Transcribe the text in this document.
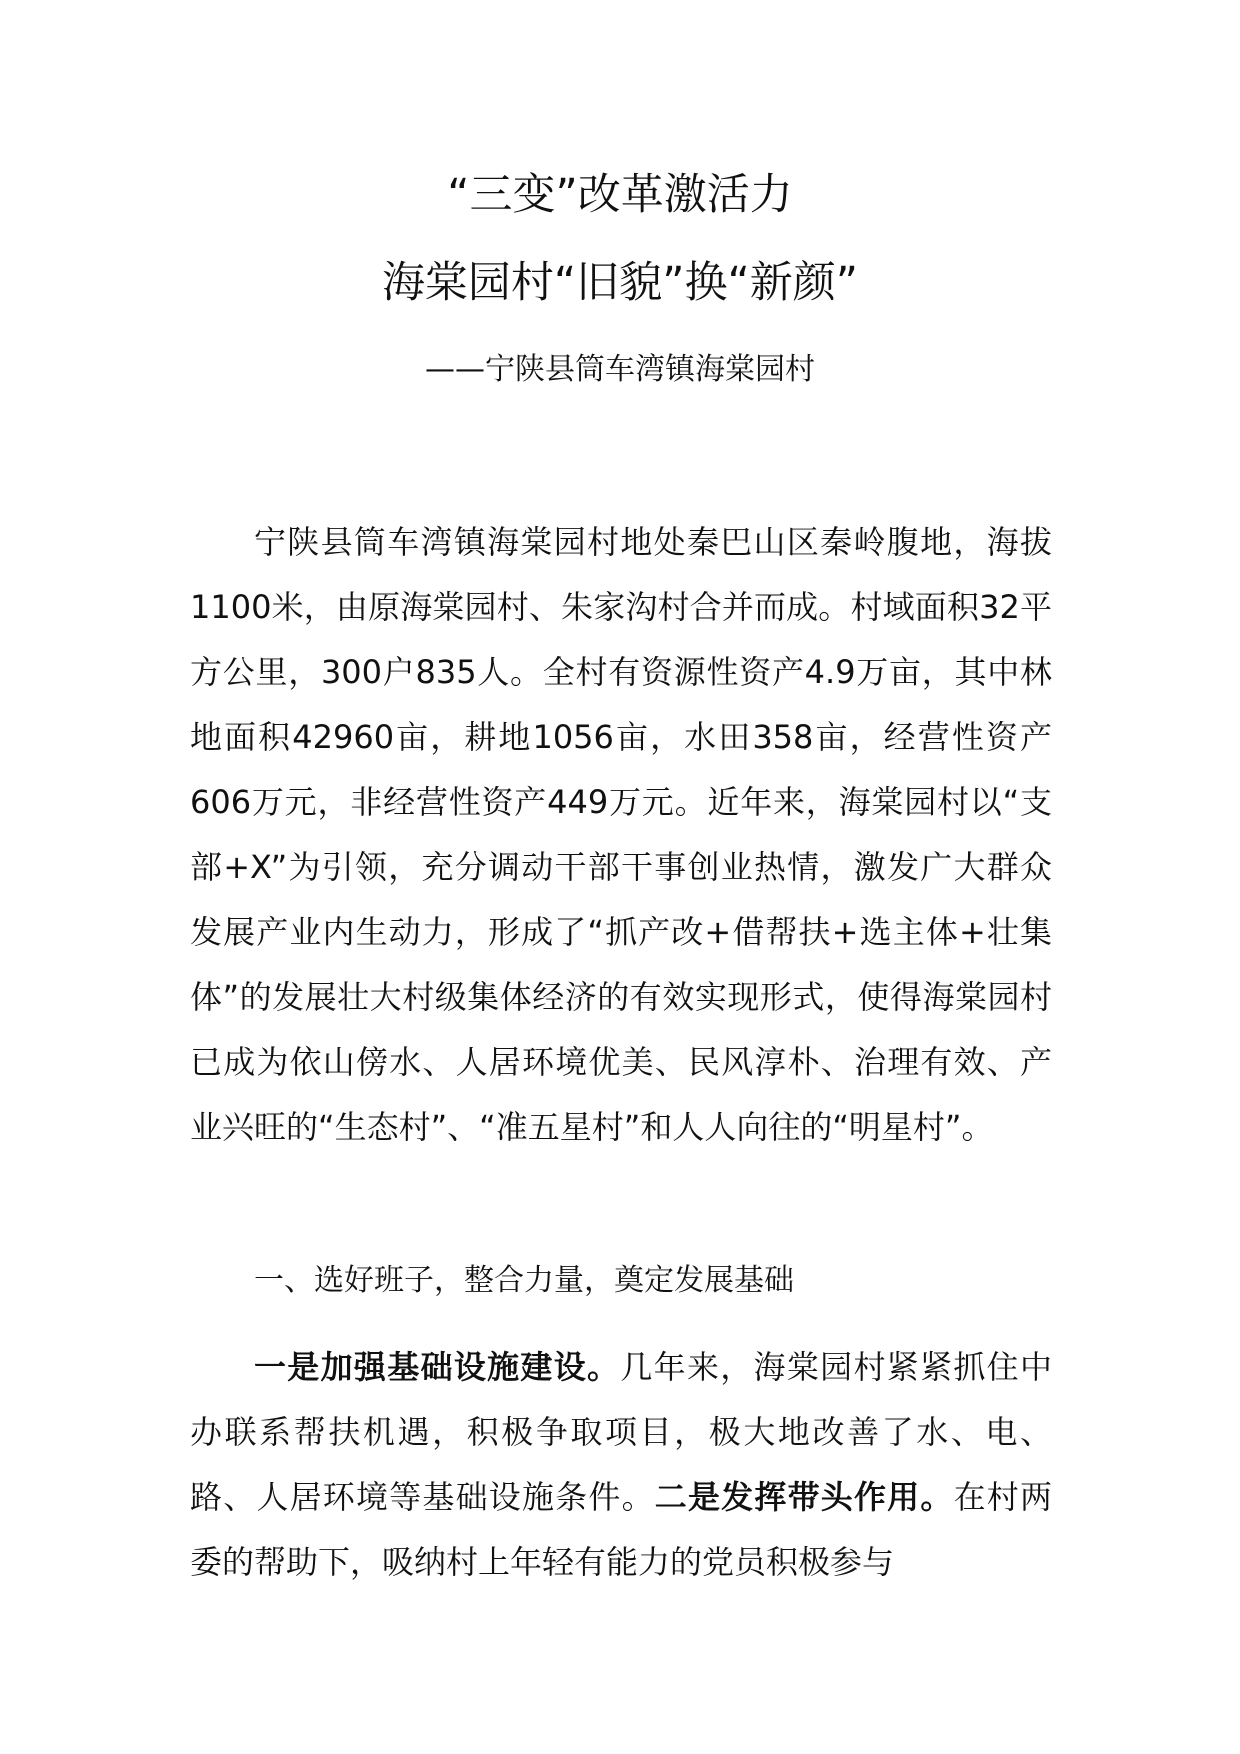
“三变”改革激活力
海棠园村“旧貌”换“新颜”

——宁陕县筒车湾镇海棠园村

宁陕县筒车湾镇海棠园村地处秦巴山区秦岭腹地，海拔1100米，由原海棠园村、朱家沟村合并而成。村域面积32平方公里，300户835人。全村有资源性资产4.9万亩，其中林地面积42960亩，耕地1056亩，水田358亩，经营性资产606万元，非经营性资产449万元。近年来，海棠园村以“支部+X”为引领，充分调动干部干事创业热情，激发广大群众发展产业内生动力，形成了“抓产改+借帮扶+选主体+壮集体”的发展壮大村级集体经济的有效实现形式，使得海棠园村已成为依山傍水、人居环境优美、民风淳朴、治理有效、产业兴旺的“生态村”、“准五星村”和人人向往的“明星村”。

一、选好班子，整合力量，奠定发展基础

一是加强基础设施建设。几年来，海棠园村紧紧抓住中办联系帮扶机遇，积极争取项目，极大地改善了水、电、路、人居环境等基础设施条件。二是发挥带头作用。在村两委的帮助下，吸纳村上年轻有能力的党员积极参与
